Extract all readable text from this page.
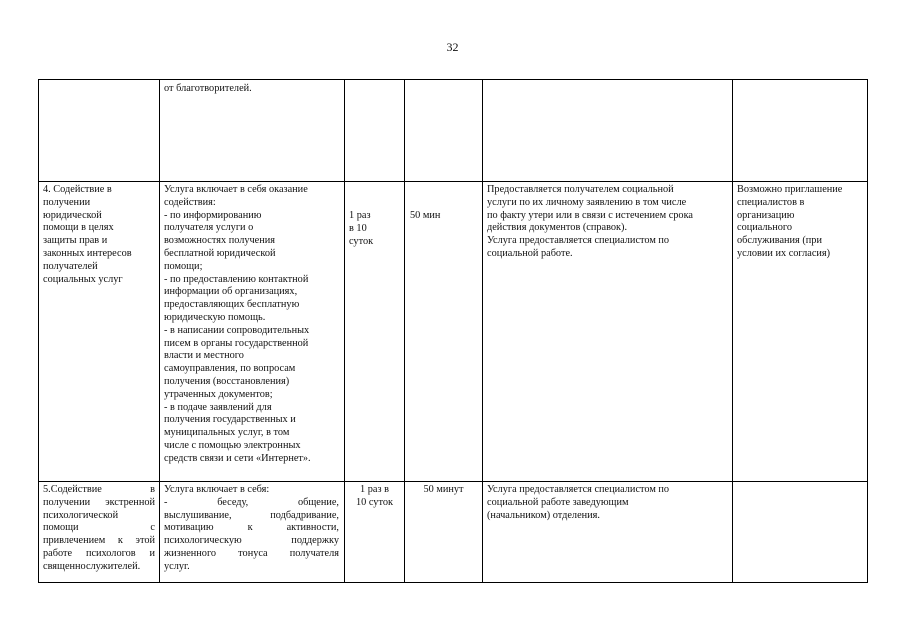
32
от благотворителей.
4. Содействие в
получении
юридической
помощи в целях
защиты прав и
законных интересов
получателей
социальных услуг
Услуга включает в себя оказание
содействия:
- по информированию
получателя услуги о
возможностях получения
бесплатной юридической
помощи;
- по предоставлению контактной
информации об организациях,
предоставляющих бесплатную
юридическую помощь.
- в написании сопроводительных
писем в органы государственной
власти и местного
самоуправления, по вопросам
получения (восстановления)
утраченных документов;
- в подаче заявлений для
получения государственных и
муниципальных услуг, в том
числе с помощью электронных
средств связи и сети «Интернет».
1 раз
в 10
суток
50 мин
Предоставляется получателем социальной
услуги по их личному заявлению в том числе
по факту утери или в связи с истечением срока
действия документов (справок).
Услуга предоставляется специалистом по
социальной работе.
Возможно приглашение
специалистов в
организацию
социального
обслуживания (при
условии их согласия)
5.Содействие в
получении экстренной
психологической
помощи с
привлечением к этой
работе психологов и
священнослужителей.
Услуга включает в себя:
- беседу, общение,
выслушивание, подбадривание,
мотивацию к активности,
психологическую поддержку
жизненного тонуса получателя
услуг.
1 раз в
10 суток
50 минут	Услуга предоставляется специалистом по
социальной работе заведующим
(начальником) отделения.
